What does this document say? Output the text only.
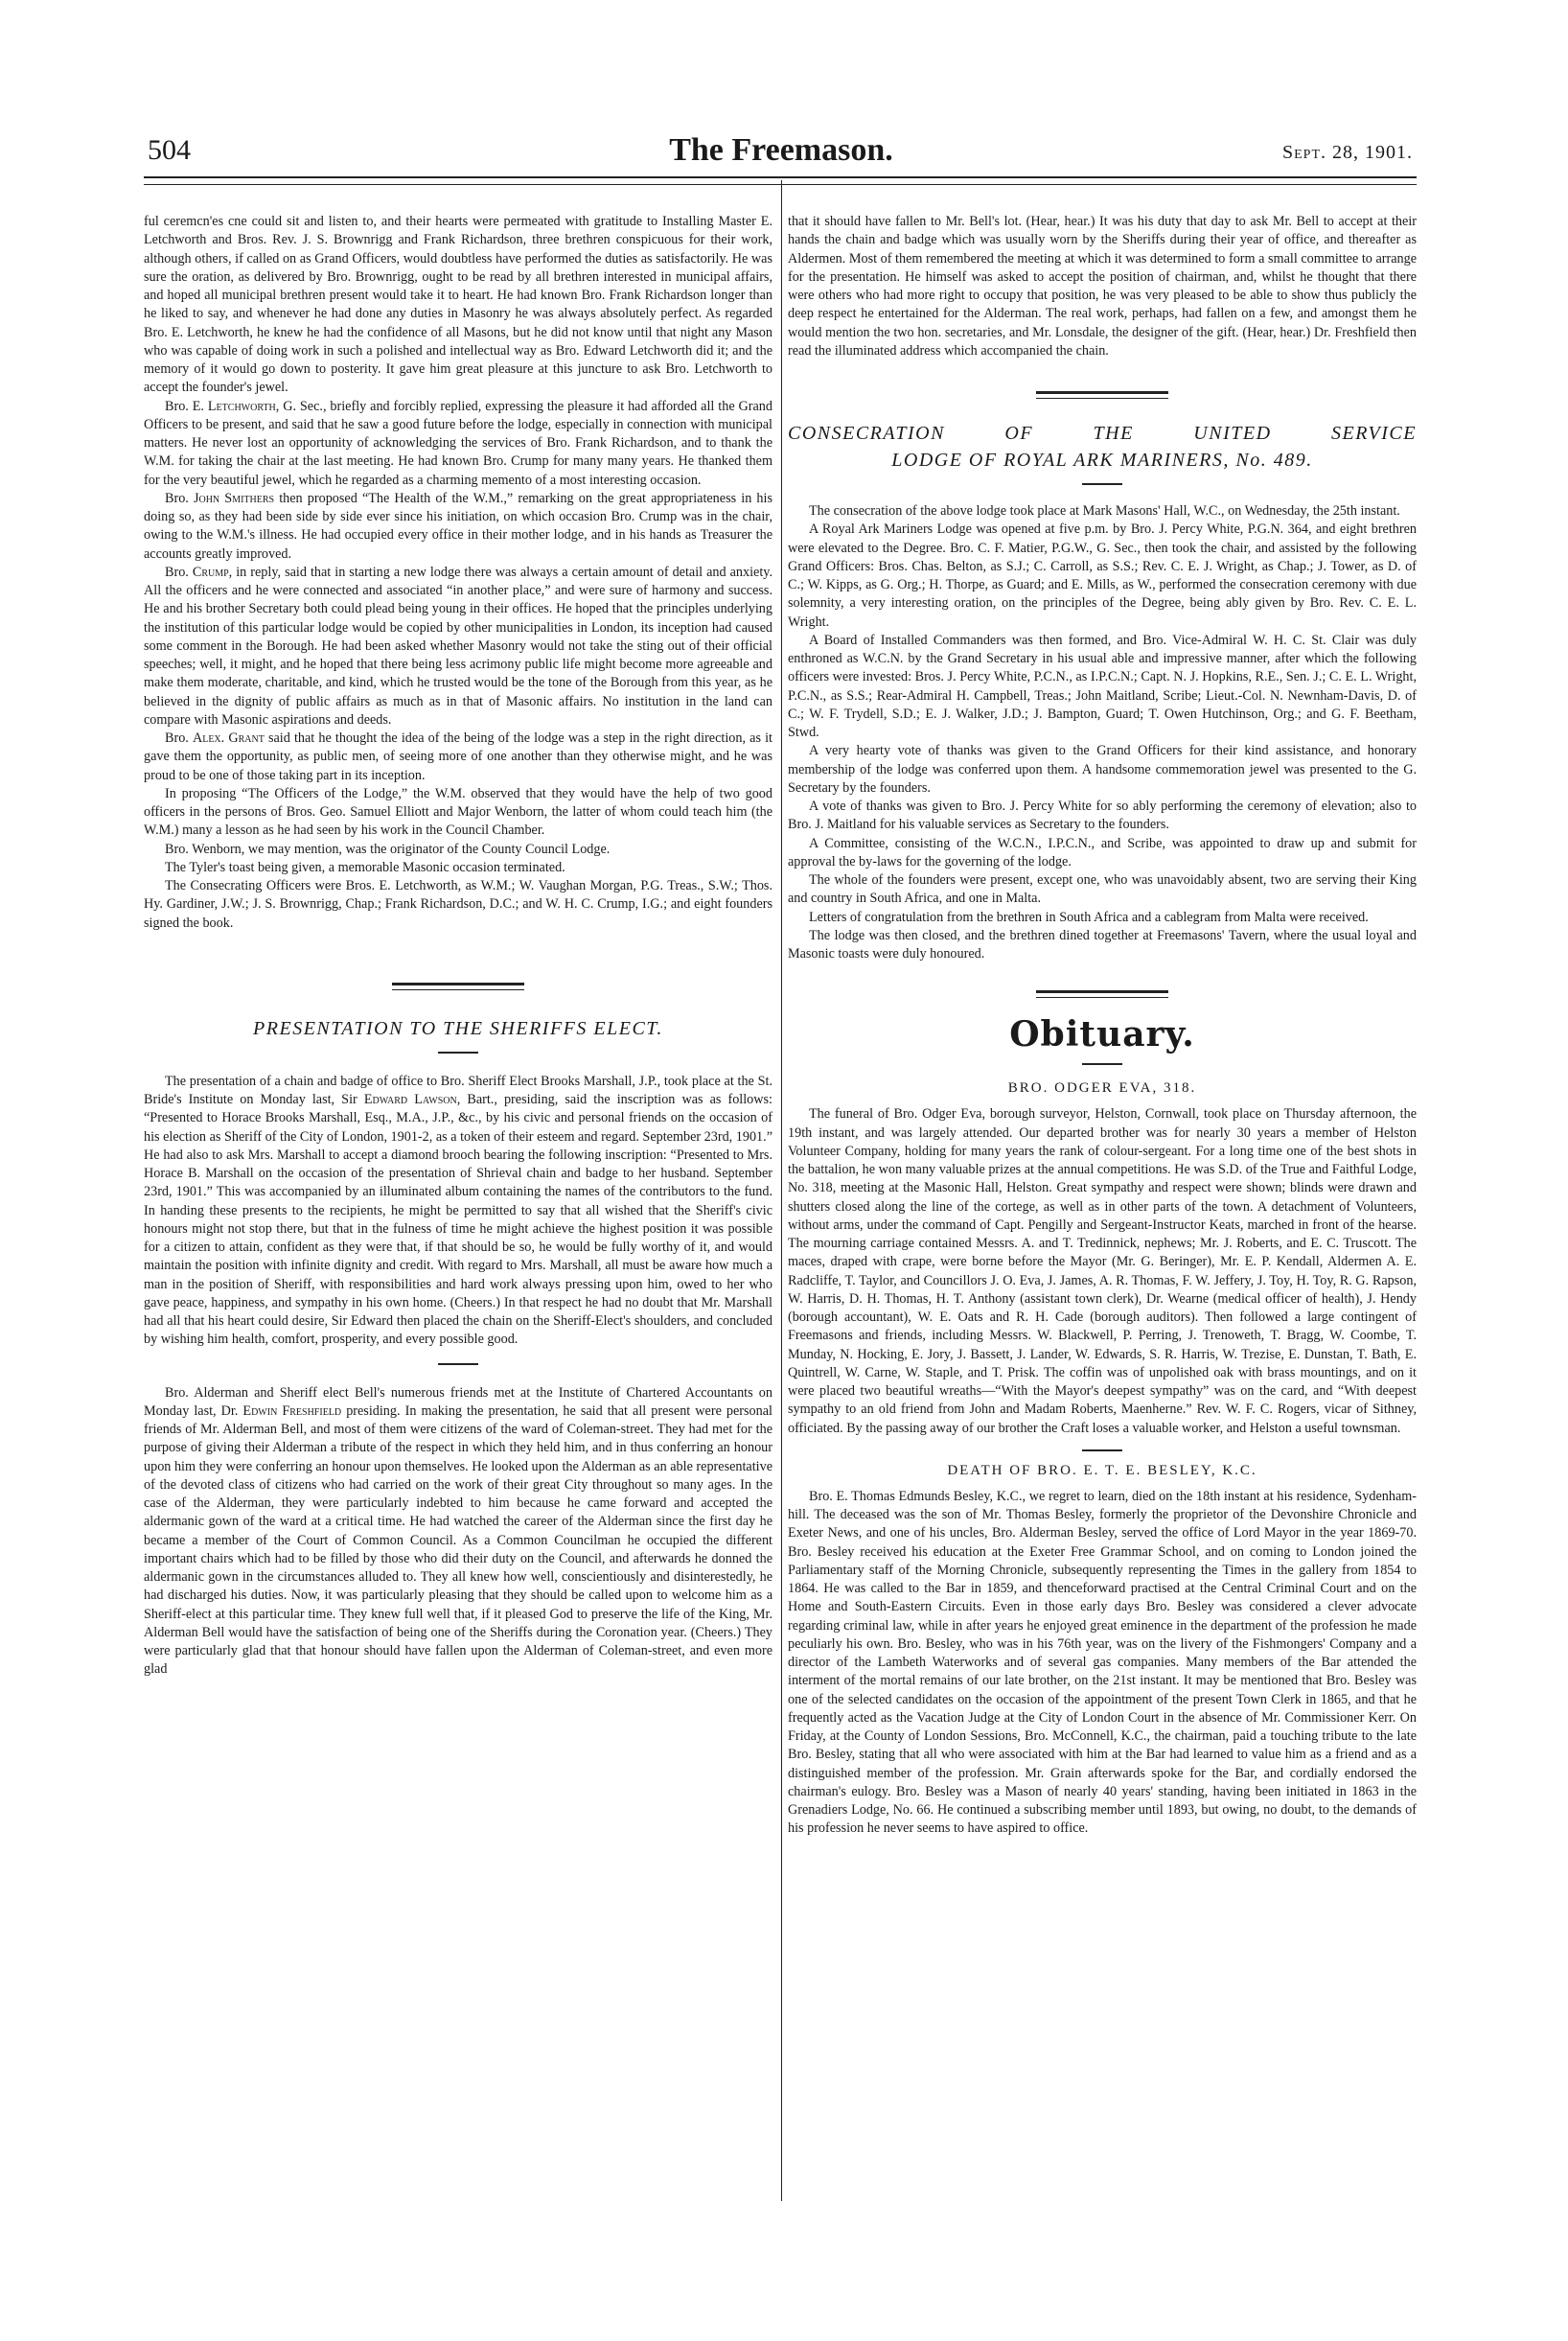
504	The Freemason.	Sept. 28, 1901.

ful ceremcn'es cne could sit and listen to, and their hearts were permeated with gratitude to Installing Master E. Letchworth and Bros. Rev. J. S. Brownrigg and Frank Richardson, three brethren conspicuous for their work, although others, if called on as Grand Officers, would doubtless have performed the duties as satisfactorily. He was sure the oration, as delivered by Bro. Brownrigg, ought to be read by all brethren interested in municipal affairs, and hoped all municipal brethren present would take it to heart. He had known Bro. Frank Richardson longer than he liked to say, and whenever he had done any duties in Masonry he was always absolutely perfect. As regarded Bro. E. Letchworth, he knew he had the confidence of all Masons, but he did not know until that night any Mason who was capable of doing work in such a polished and intellectual way as Bro. Edward Letchworth did it; and the memory of it would go down to posterity. It gave him great pleasure at this juncture to ask Bro. Letchworth to accept the founder's jewel.

Bro. E. Letchworth, G. Sec., briefly and forcibly replied, expressing the pleasure it had afforded all the Grand Officers to be present, and said that he saw a good future before the lodge, especially in connection with municipal matters. He never lost an opportunity of acknowledging the services of Bro. Frank Richardson, and to thank the W.M. for taking the chair at the last meeting. He had known Bro. Crump for many many years. He thanked them for the very beautiful jewel, which he regarded as a charming memento of a most interesting occasion.

Bro. John Smithers then proposed “The Health of the W.M.,” remarking on the great appropriateness in his doing so, as they had been side by side ever since his initiation, on which occasion Bro. Crump was in the chair, owing to the W.M.'s illness. He had occupied every office in their mother lodge, and in his hands as Treasurer the accounts greatly improved.

Bro. Crump, in reply, said that in starting a new lodge there was always a certain amount of detail and anxiety. All the officers and he were connected and associated “in another place,” and were sure of harmony and success. He and his brother Secretary both could plead being young in their offices. He hoped that the principles underlying the institution of this particular lodge would be copied by other municipalities in London, its inception had caused some comment in the Borough. He had been asked whether Masonry would not take the sting out of their official speeches; well, it might, and he hoped that there being less acrimony public life might become more agreeable and make them moderate, charitable, and kind, which he trusted would be the tone of the Borough from this year, as he believed in the dignity of public affairs as much as in that of Masonic affairs. No institution in the land can compare with Masonic aspirations and deeds.

Bro. Alex. Grant said that he thought the idea of the being of the lodge was a step in the right direction, as it gave them the opportunity, as public men, of seeing more of one another than they otherwise might, and he was proud to be one of those taking part in its inception.

In proposing “The Officers of the Lodge,” the W.M. observed that they would have the help of two good officers in the persons of Bros. Geo. Samuel Elliott and Major Wenborn, the latter of whom could teach him (the W.M.) many a lesson as he had seen by his work in the Council Chamber.

Bro. Wenborn, we may mention, was the originator of the County Council Lodge.

The Tyler's toast being given, a memorable Masonic occasion terminated.

The Consecrating Officers were Bros. E. Letchworth, as W.M.; W. Vaughan Morgan, P.G. Treas., S.W.; Thos. Hy. Gardiner, J.W.; J. S. Brownrigg, Chap.; Frank Richardson, D.C.; and W. H. C. Crump, I.G.; and eight founders signed the book.

PRESENTATION TO THE SHERIFFS ELECT.

The presentation of a chain and badge of office to Bro. Sheriff Elect Brooks Marshall, J.P., took place at the St. Bride's Institute on Monday last, Sir Edward Lawson, Bart., presiding, said the inscription was as follows: “Presented to Horace Brooks Marshall, Esq., M.A., J.P., &c., by his civic and personal friends on the occasion of his election as Sheriff of the City of London, 1901-2, as a token of their esteem and regard. September 23rd, 1901.” He had also to ask Mrs. Marshall to accept a diamond brooch bearing the following inscription: “Presented to Mrs. Horace B. Marshall on the occasion of the presentation of Shrieval chain and badge to her husband. September 23rd, 1901.” This was accompanied by an illuminated album containing the names of the contributors to the fund. In handing these presents to the recipients, he might be permitted to say that all wished that the Sheriff's civic honours might not stop there, but that in the fulness of time he might achieve the highest position it was possible for a citizen to attain, confident as they were that, if that should be so, he would be fully worthy of it, and would maintain the position with infinite dignity and credit. With regard to Mrs. Marshall, all must be aware how much a man in the position of Sheriff, with responsibilities and hard work always pressing upon him, owed to her who gave peace, happiness, and sympathy in his own home. (Cheers.) In that respect he had no doubt that Mr. Marshall had all that his heart could desire, Sir Edward then placed the chain on the Sheriff-Elect's shoulders, and concluded by wishing him health, comfort, prosperity, and every possible good.

Bro. Alderman and Sheriff elect Bell's numerous friends met at the Institute of Chartered Accountants on Monday last, Dr. Edwin Freshfield presiding. In making the presentation, he said that all present were personal friends of Mr. Alderman Bell, and most of them were citizens of the ward of Coleman-street. They had met for the purpose of giving their Alderman a tribute of the respect in which they held him, and in thus conferring an honour upon him they were conferring an honour upon themselves. He looked upon the Alderman as an able representative of the devoted class of citizens who had carried on the work of their great City throughout so many ages. In the case of the Alderman, they were particularly indebted to him because he came forward and accepted the aldermanic gown of the ward at a critical time. He had watched the career of the Alderman since the first day he became a member of the Court of Common Council. As a Common Councilman he occupied the different important chairs which had to be filled by those who did their duty on the Council, and afterwards he donned the aldermanic gown in the circumstances alluded to. They all knew how well, conscientiously and disinterestedly, he had discharged his duties. Now, it was particularly pleasing that they should be called upon to welcome him as a Sheriff-elect at this particular time. They knew full well that, if it pleased God to preserve the life of the King, Mr. Alderman Bell would have the satisfaction of being one of the Sheriffs during the Coronation year. (Cheers.) They were particularly glad that that honour should have fallen upon the Alderman of Coleman-street, and even more glad

that it should have fallen to Mr. Bell's lot. (Hear, hear.) It was his duty that day to ask Mr. Bell to accept at their hands the chain and badge which was usually worn by the Sheriffs during their year of office, and thereafter as Aldermen. Most of them remembered the meeting at which it was determined to form a small committee to arrange for the presentation. He himself was asked to accept the position of chairman, and, whilst he thought that there were others who had more right to occupy that position, he was very pleased to be able to show thus publicly the deep respect he entertained for the Alderman. The real work, perhaps, had fallen on a few, and amongst them he would mention the two hon. secretaries, and Mr. Lonsdale, the designer of the gift. (Hear, hear.) Dr. Freshfield then read the illuminated address which accompanied the chain.

CONSECRATION OF THE UNITED SERVICE
LODGE OF ROYAL ARK MARINERS, No. 489.

The consecration of the above lodge took place at Mark Masons' Hall, W.C., on Wednesday, the 25th instant.

A Royal Ark Mariners Lodge was opened at five p.m. by Bro. J. Percy White, P.G.N. 364, and eight brethren were elevated to the Degree. Bro. C. F. Matier, P.G.W., G. Sec., then took the chair, and assisted by the following Grand Officers: Bros. Chas. Belton, as S.J.; C. Carroll, as S.S.; Rev. C. E. J. Wright, as Chap.; J. Tower, as D. of C.; W. Kipps, as G. Org.; H. Thorpe, as Guard; and E. Mills, as W., performed the consecration ceremony with due solemnity, a very interesting oration, on the principles of the Degree, being ably given by Bro. Rev. C. E. L. Wright.

A Board of Installed Commanders was then formed, and Bro. Vice-Admiral W. H. C. St. Clair was duly enthroned as W.C.N. by the Grand Secretary in his usual able and impressive manner, after which the following officers were invested: Bros. J. Percy White, P.C.N., as I.P.C.N.; Capt. N. J. Hopkins, R.E., Sen. J.; C. E. L. Wright, P.C.N., as S.S.; Rear-Admiral H. Campbell, Treas.; John Maitland, Scribe; Lieut.-Col. N. Newnham-Davis, D. of C.; W. F. Trydell, S.D.; E. J. Walker, J.D.; J. Bampton, Guard; T. Owen Hutchinson, Org.; and G. F. Beetham, Stwd.

A very hearty vote of thanks was given to the Grand Officers for their kind assistance, and honorary membership of the lodge was conferred upon them. A handsome commemoration jewel was presented to the G. Secretary by the founders.

A vote of thanks was given to Bro. J. Percy White for so ably performing the ceremony of elevation; also to Bro. J. Maitland for his valuable services as Secretary to the founders.

A Committee, consisting of the W.C.N., I.P.C.N., and Scribe, was appointed to draw up and submit for approval the by-laws for the governing of the lodge.

The whole of the founders were present, except one, who was unavoidably absent, two are serving their King and country in South Africa, and one in Malta.

Letters of congratulation from the brethren in South Africa and a cablegram from Malta were received.

The lodge was then closed, and the brethren dined together at Freemasons' Tavern, where the usual loyal and Masonic toasts were duly honoured.

Obituary.
BRO. ODGER EVA, 318.

The funeral of Bro. Odger Eva, borough surveyor, Helston, Cornwall, took place on Thursday afternoon, the 19th instant, and was largely attended. Our departed brother was for nearly 30 years a member of Helston Volunteer Company, holding for many years the rank of colour-sergeant. For a long time one of the best shots in the battalion, he won many valuable prizes at the annual competitions. He was S.D. of the True and Faithful Lodge, No. 318, meeting at the Masonic Hall, Helston. Great sympathy and respect were shown; blinds were drawn and shutters closed along the line of the cortege, as well as in other parts of the town. A detachment of Volunteers, without arms, under the command of Capt. Pengilly and Sergeant-Instructor Keats, marched in front of the hearse. The mourning carriage contained Messrs. A. and T. Tredinnick, nephews; Mr. J. Roberts, and E. C. Truscott. The maces, draped with crape, were borne before the Mayor (Mr. G. Beringer), Mr. E. P. Kendall, Aldermen A. E. Radcliffe, T. Taylor, and Councillors J. O. Eva, J. James, A. R. Thomas, F. W. Jeffery, J. Toy, H. Toy, R. G. Rapson, W. Harris, D. H. Thomas, H. T. Anthony (assistant town clerk), Dr. Wearne (medical officer of health), J. Hendy (borough accountant), W. E. Oats and R. H. Cade (borough auditors). Then followed a large contingent of Freemasons and friends, including Messrs. W. Blackwell, P. Perring, J. Trenoweth, T. Bragg, W. Coombe, T. Munday, N. Hocking, E. Jory, J. Bassett, J. Lander, W. Edwards, S. R. Harris, W. Trezise, E. Dunstan, T. Bath, E. Quintrell, W. Carne, W. Staple, and T. Prisk. The coffin was of unpolished oak with brass mountings, and on it were placed two beautiful wreaths—“With the Mayor's deepest sympathy” was on the card, and “With deepest sympathy to an old friend from John and Madam Roberts, Maenherne.” Rev. W. F. C. Rogers, vicar of Sithney, officiated. By the passing away of our brother the Craft loses a valuable worker, and Helston a useful townsman.

DEATH OF BRO. E. T. E. BESLEY, K.C.

Bro. E. Thomas Edmunds Besley, K.C., we regret to learn, died on the 18th instant at his residence, Sydenham-hill. The deceased was the son of Mr. Thomas Besley, formerly the proprietor of the Devonshire Chronicle and Exeter News, and one of his uncles, Bro. Alderman Besley, served the office of Lord Mayor in the year 1869-70. Bro. Besley received his education at the Exeter Free Grammar School, and on coming to London joined the Parliamentary staff of the Morning Chronicle, subsequently representing the Times in the gallery from 1854 to 1864. He was called to the Bar in 1859, and thenceforward practised at the Central Criminal Court and on the Home and South-Eastern Circuits. Even in those early days Bro. Besley was considered a clever advocate regarding criminal law, while in after years he enjoyed great eminence in the department of the profession he made peculiarly his own. Bro. Besley, who was in his 76th year, was on the livery of the Fishmongers' Company and a director of the Lambeth Waterworks and of several gas companies. Many members of the Bar attended the interment of the mortal remains of our late brother, on the 21st instant. It may be mentioned that Bro. Besley was one of the selected candidates on the occasion of the appointment of the present Town Clerk in 1865, and that he frequently acted as the Vacation Judge at the City of London Court in the absence of Mr. Commissioner Kerr. On Friday, at the County of London Sessions, Bro. McConnell, K.C., the chairman, paid a touching tribute to the late Bro. Besley, stating that all who were associated with him at the Bar had learned to value him as a friend and as a distinguished member of the profession. Mr. Grain afterwards spoke for the Bar, and cordially endorsed the chairman's eulogy. Bro. Besley was a Mason of nearly 40 years' standing, having been initiated in 1863 in the Grenadiers Lodge, No. 66. He continued a subscribing member until 1893, but owing, no doubt, to the demands of his profession he never seems to have aspired to office.
